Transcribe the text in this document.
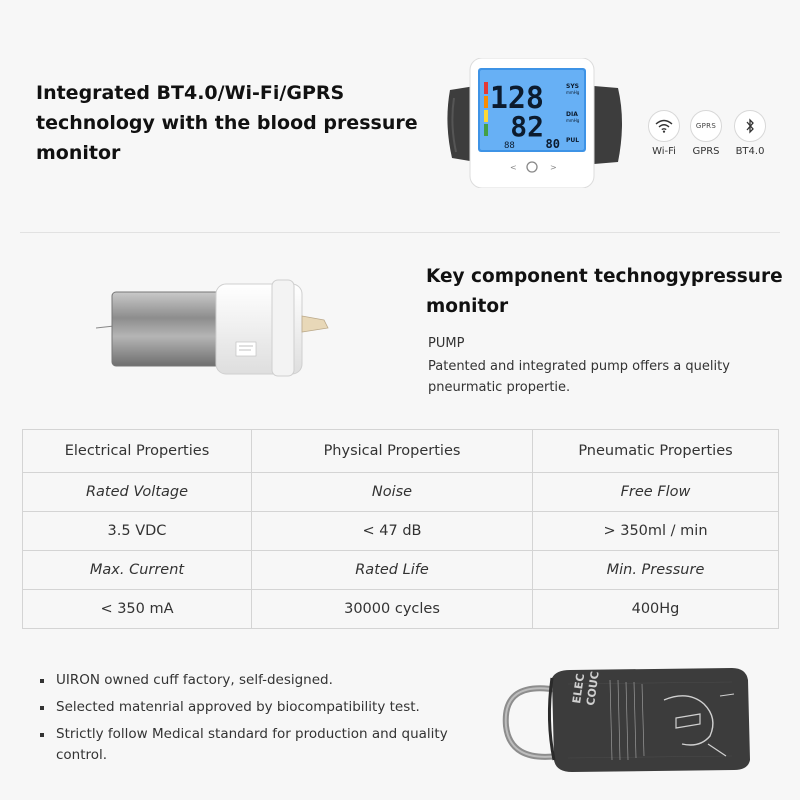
Integrated BT4.0/Wi-Fi/GPRS technology with the blood pressure monitor
128
82
80
88
SYS
mmHg
DIA
mmHg
PUL
<	>
Wi-Fi
GPRS
GPRS	BT4.0
Key component technogypressure monitor
PUMP
Patented and integrated pump offers a quelity pneurmatic propertie.
Electrical Properties	Physical Properties	Pneumatic Properties
Rated Voltage	Noise	Free Flow
3.5 VDC	< 47 dB	> 350ml / min
Max. Current	Rated Life	Min. Pressure
< 350 mA	30000 cycles	400Hg
UIRON owned cuff factory, self-designed.
Selected matenrial approved by biocompatibility test.
Strictly follow Medical standard for production and quality control.
ELEC
COUC
